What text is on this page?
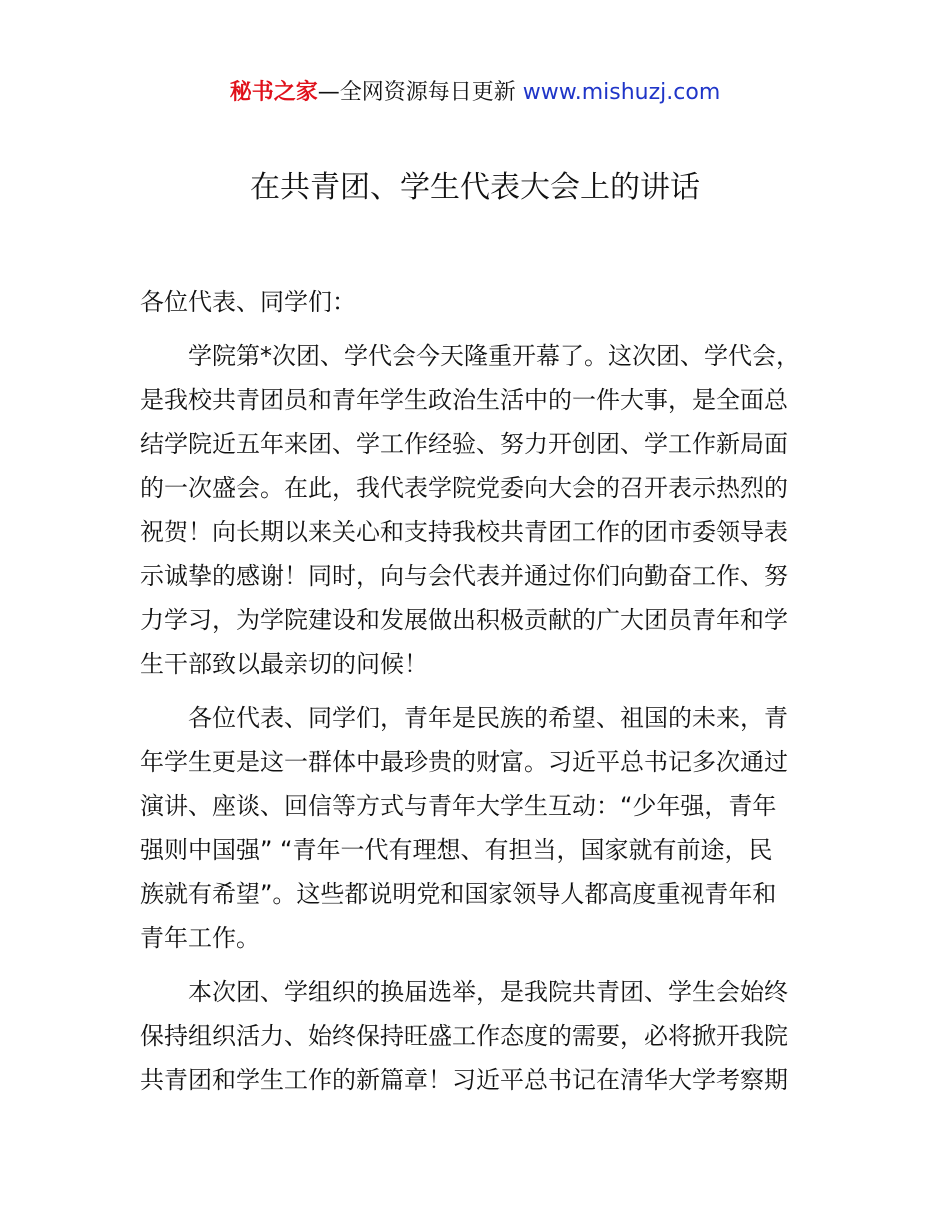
秘书之家—全网资源每日更新 www.mishuzj.com
在共青团、学生代表大会上的讲话
各位代表、同学们：
学院第*次团、学代会今天隆重开幕了。这次团、学代会，
是我校共青团员和青年学生政治生活中的一件大事，是全面总
结学院近五年来团、学工作经验、努力开创团、学工作新局面
的一次盛会。在此，我代表学院党委向大会的召开表示热烈的
祝贺！向长期以来关心和支持我校共青团工作的团市委领导表
示诚挚的感谢！同时，向与会代表并通过你们向勤奋工作、努
力学习，为学院建设和发展做出积极贡献的广大团员青年和学
生干部致以最亲切的问候！
各位代表、同学们，青年是民族的希望、祖国的未来，青
年学生更是这一群体中最珍贵的财富。习近平总书记多次通过
演讲、座谈、回信等方式与青年大学生互动：“少年强，青年
强则中国强” “青年一代有理想、有担当，国家就有前途，民
族就有希望”。这些都说明党和国家领导人都高度重视青年和
青年工作。
本次团、学组织的换届选举，是我院共青团、学生会始终
保持组织活力、始终保持旺盛工作态度的需要，必将掀开我院
共青团和学生工作的新篇章！习近平总书记在清华大学考察期
